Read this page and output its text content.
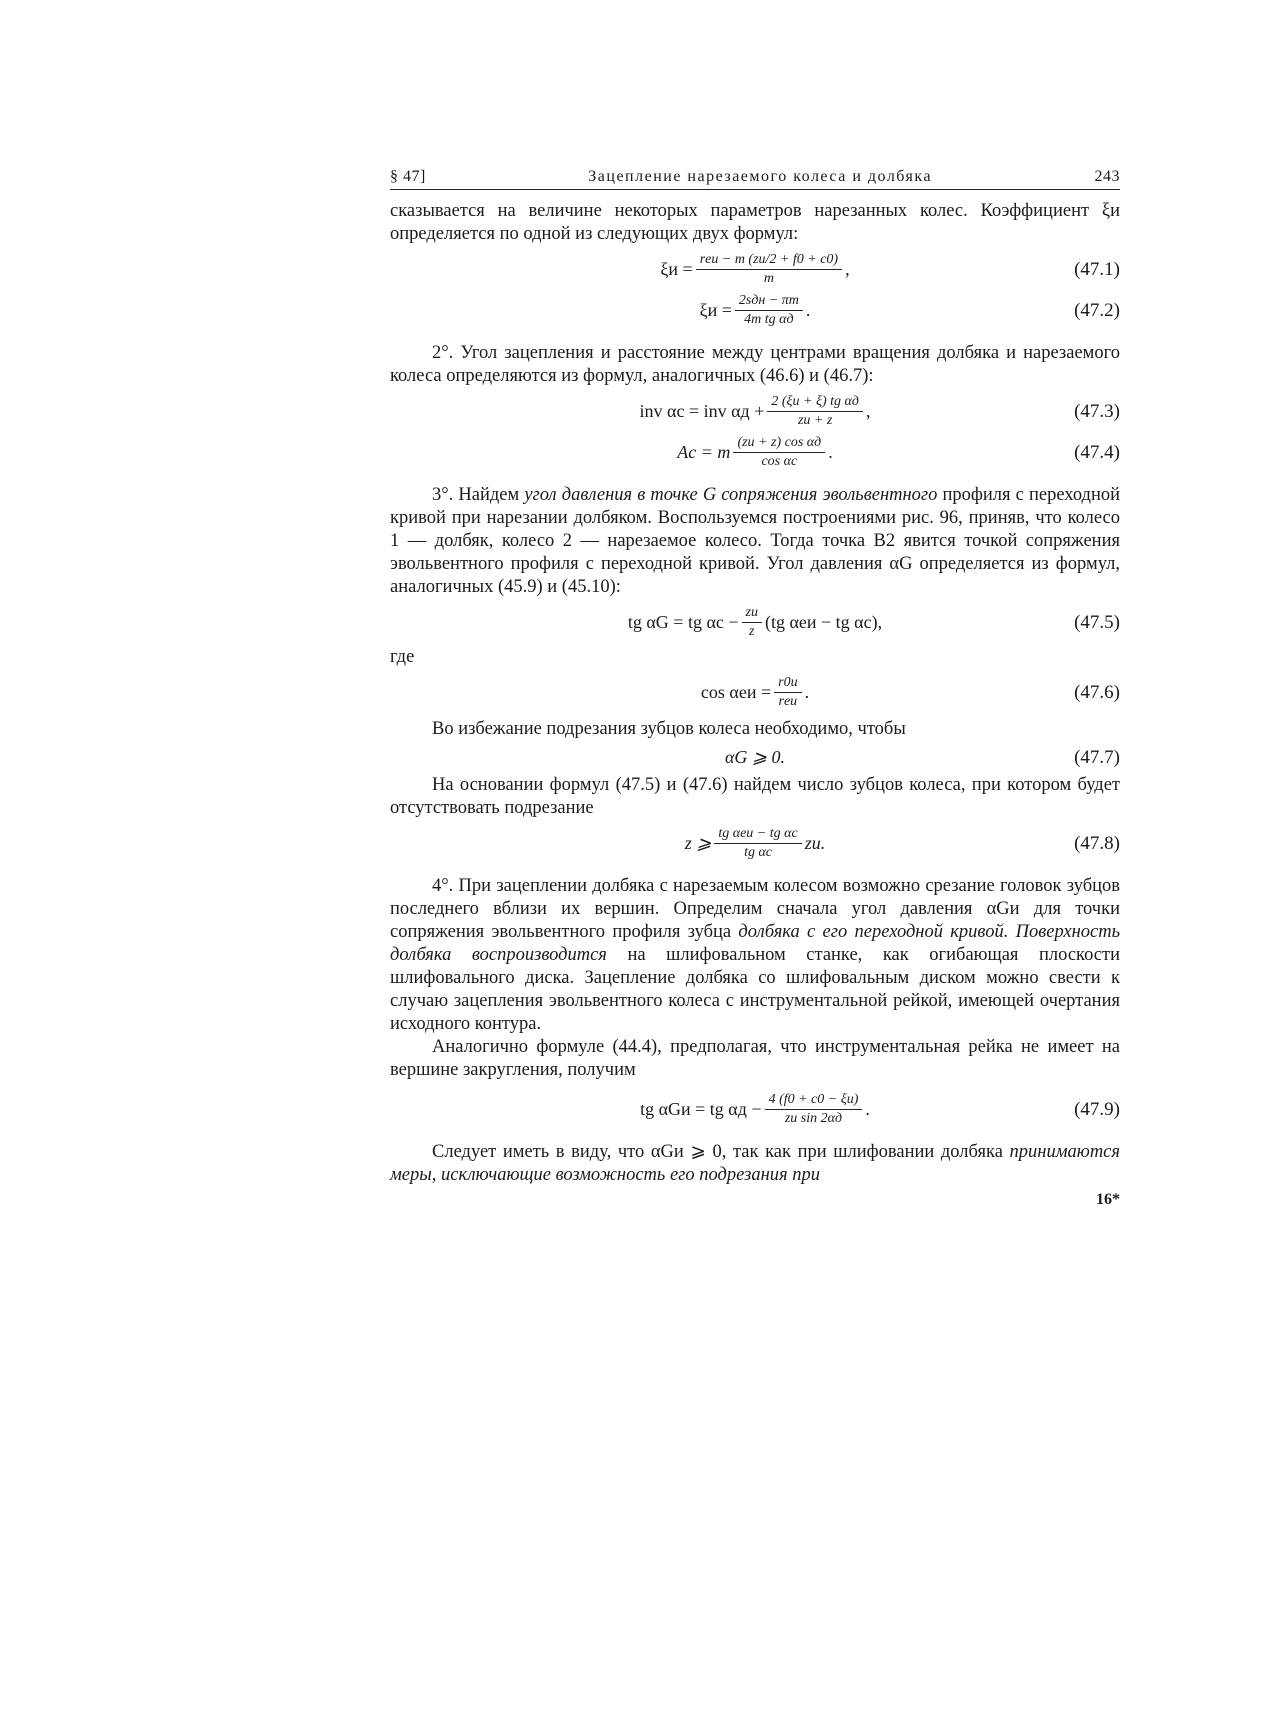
§ 47]	Зацепление нарезаемого колеса и долбяка	243

сказывается на величине некоторых параметров нарезанных колес. Коэффициент ξи определяется по одной из следующих двух формул:

$\xi и = \frac{\text{rеи − m (zи/2 + f0 + c0)}}{m}$ ,	(47.1)
$\xi и = \frac{\text{2sдн − πm}}{\text{4m tg αд}}$ .	(47.2)

2°. Угол зацепления и расстояние между центрами вращения долбяка и нарезаемого колеса определяются из формул, аналогичных (46.6) и (46.7):

inv αс = inv $\alpha д + \frac{\text{2 (ξи + ξ) tg αд}}{zи + z}$ ,	(47.3)
Aс = m $\frac{\text{(zи + z) cos αд}}{\text{cos αс}}$ .	(47.4)

3°. Найдем угол давления в точке G сопряжения эвольвентного профиля с переходной кривой при нарезании долбяком. Воспользуемся построениями рис. 96, приняв, что колесо 1 — долбяк, колесо 2 — нарезаемое колесо. Тогда точка B2 явится точкой сопряжения эвольвентного профиля с переходной кривой. Угол давления αG определяется из формул, аналогичных (45.9) и (45.10):

tg αG = tg $\alpha с - \frac{zи}{z} (tg$ αеи − tg αс),	(47.5)

где

$\cos \alpha еи = \frac{r0и}{\text{rеи}}$ .	(47.6)

Во избежание подрезания зубцов колеса необходимо, чтобы

αG ⩾ 0.	(47.7)

На основании формул (47.5) и (47.6) найдем число зубцов колеса, при котором будет отсутствовать подрезание

z ⩾ $\frac{\text{tg αеи − tg αс}}{\text{tg αс}}$ zи.	(47.8)

4°. При зацеплении долбяка с нарезаемым колесом возможно срезание головок зубцов последнего вблизи их вершин. Определим сначала угол давления αGи для точки сопряжения эвольвентного профиля зубца долбяка с его переходной кривой. Поверхность долбяка воспроизводится на шлифовальном станке, как огибающая плоскости шлифовального диска. Зацепление долбяка со шлифовальным диском можно свести к случаю зацепления эвольвентного колеса с инструментальной рейкой, имеющей очертания исходного контура.

Аналогично формуле (44.4), предполагая, что инструментальная рейка не имеет на вершине закругления, получим

tg αGи = tg $\alpha д - \frac{4 (f0 + c0 - \xi и)}{\text{zи sin 2αд}}$ .	(47.9)

Следует иметь в виду, что αGи ⩾ 0, так как при шлифовании долбяка принимаются меры, исключающие возможность его подрезания при

16*
